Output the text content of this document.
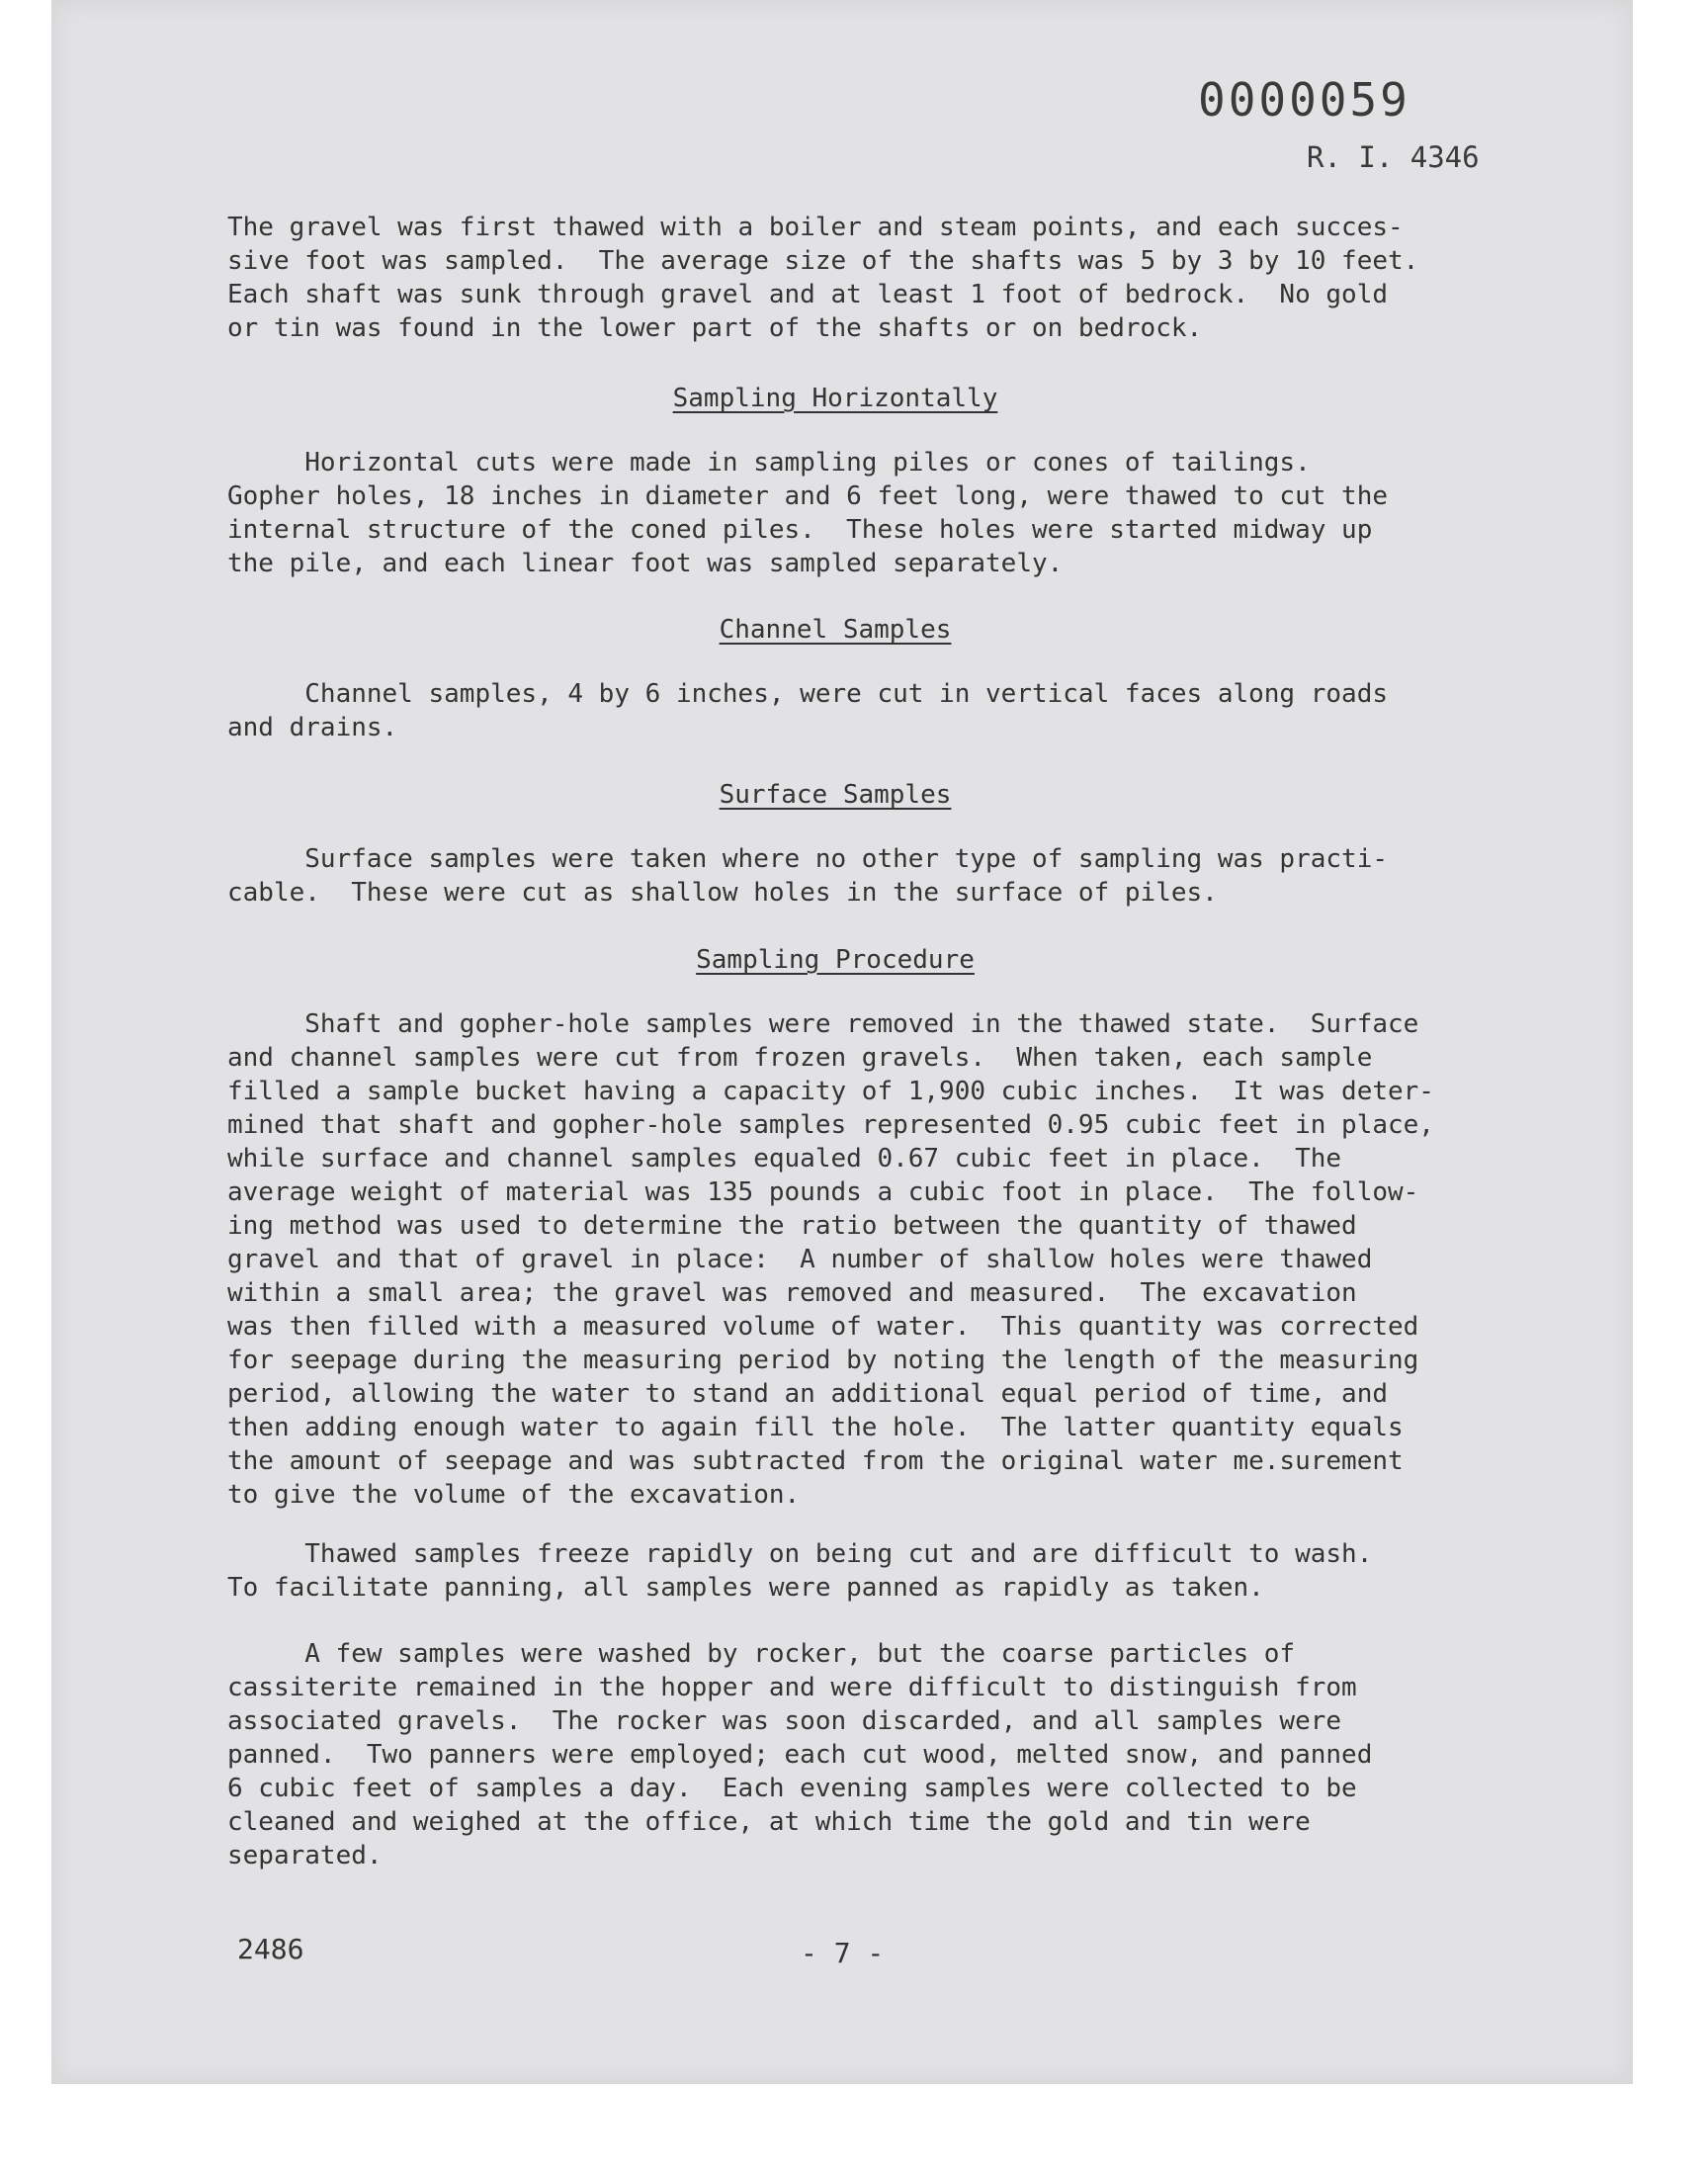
0000059
R. I. 4346
The gravel was first thawed with a boiler and steam points, and each succes-
sive foot was sampled.  The average size of the shafts was 5 by 3 by 10 feet.
Each shaft was sunk through gravel and at least 1 foot of bedrock.  No gold
or tin was found in the lower part of the shafts or on bedrock.
Sampling Horizontally
Horizontal cuts were made in sampling piles or cones of tailings.
Gopher holes, 18 inches in diameter and 6 feet long, were thawed to cut the
internal structure of the coned piles.  These holes were started midway up
the pile, and each linear foot was sampled separately.
Channel Samples
Channel samples, 4 by 6 inches, were cut in vertical faces along roads
and drains.
Surface Samples
Surface samples were taken where no other type of sampling was practi-
cable.  These were cut as shallow holes in the surface of piles.
Sampling Procedure
Shaft and gopher-hole samples were removed in the thawed state.  Surface
and channel samples were cut from frozen gravels.  When taken, each sample
filled a sample bucket having a capacity of 1,900 cubic inches.  It was deter-
mined that shaft and gopher-hole samples represented 0.95 cubic feet in place,
while surface and channel samples equaled 0.67 cubic feet in place.  The
average weight of material was 135 pounds a cubic foot in place.  The follow-
ing method was used to determine the ratio between the quantity of thawed
gravel and that of gravel in place:  A number of shallow holes were thawed
within a small area; the gravel was removed and measured.  The excavation
was then filled with a measured volume of water.  This quantity was corrected
for seepage during the measuring period by noting the length of the measuring
period, allowing the water to stand an additional equal period of time, and
then adding enough water to again fill the hole.  The latter quantity equals
the amount of seepage and was subtracted from the original water me.surement
to give the volume of the excavation.
Thawed samples freeze rapidly on being cut and are difficult to wash.
To facilitate panning, all samples were panned as rapidly as taken.
A few samples were washed by rocker, but the coarse particles of
cassiterite remained in the hopper and were difficult to distinguish from
associated gravels.  The rocker was soon discarded, and all samples were
panned.  Two panners were employed; each cut wood, melted snow, and panned
6 cubic feet of samples a day.  Each evening samples were collected to be
cleaned and weighed at the office, at which time the gold and tin were
separated.
2486	- 7 -
